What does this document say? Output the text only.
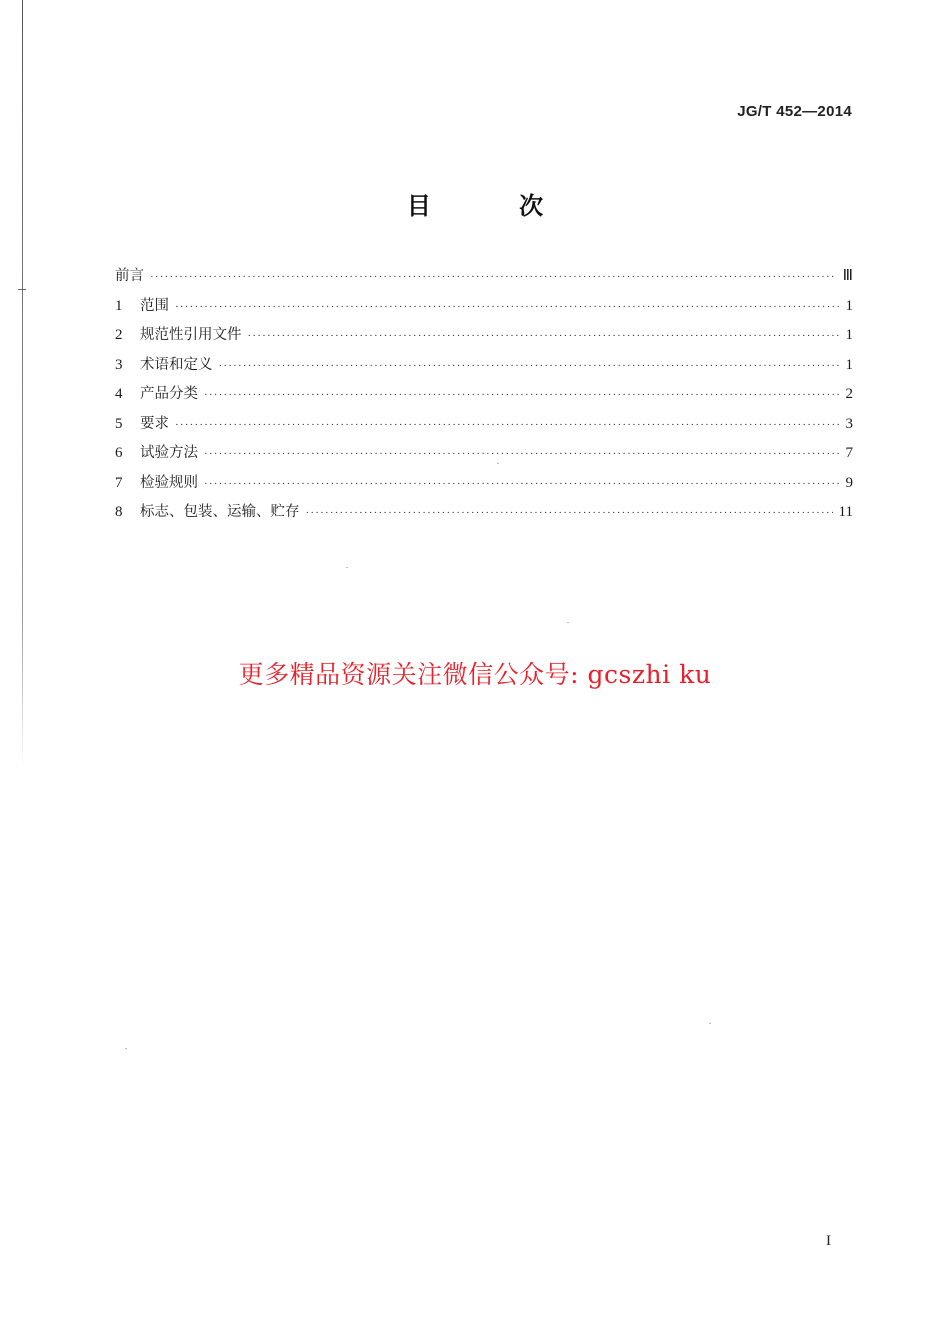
JG/T 452—2014
目 次
前言 ·····	Ⅲ
1	范围 ·····	1
2	规范性引用文件 ·····	1
3	术语和定义 ·····	1
4	产品分类 ·····	2
5	要求 ·····	3
6	试验方法 ·····	7
7	检验规则 ·····	9
8	标志、包装、运输、贮存 ·····	11
更多精品资源关注微信公众号: gcszhi ku
I
